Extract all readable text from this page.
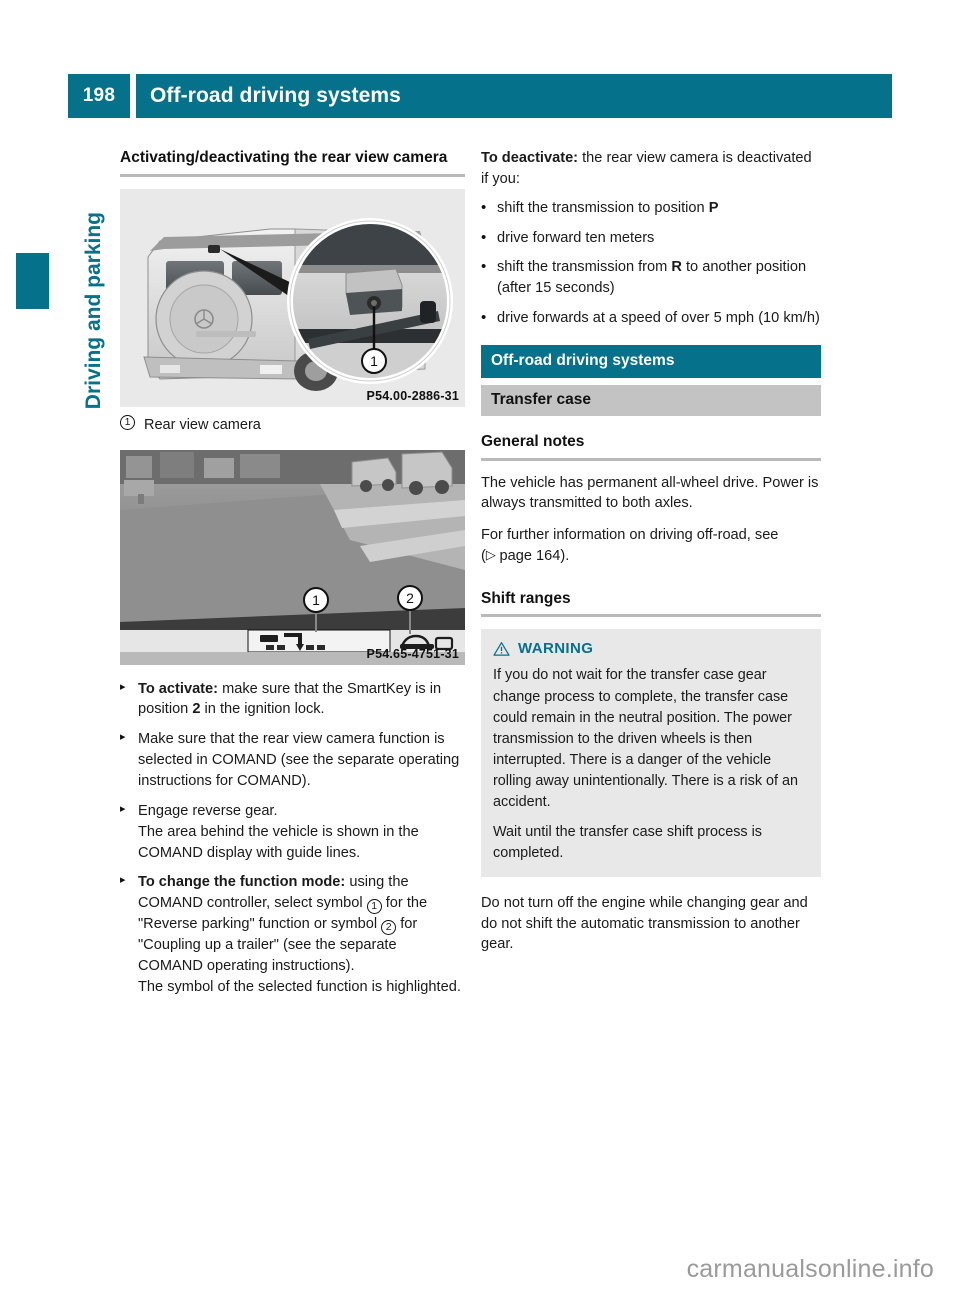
198	Off-road driving systems
Driving and parking
Activating/deactivating the rear view camera
1
P54.00-2886-31
1 Rear view camera
1	2
P54.65-4751-31
▸ To activate: make sure that the SmartKey is in position 2 in the ignition lock.
▸ Make sure that the rear view camera function is selected in COMAND (see the separate operating instructions for COMAND).
▸ Engage reverse gear.
The area behind the vehicle is shown in the COMAND display with guide lines.
▸ To change the function mode: using the COMAND controller, select symbol 1 for the "Reverse parking" function or symbol 2 for "Coupling up a trailer" (see the separate COMAND operating instructions).
The symbol of the selected function is highlighted.

To deactivate: the rear view camera is deactivated if you:

• shift the transmission to position P
• drive forward ten meters
• shift the transmission from R to another position (after 15 seconds)
• drive forwards at a speed of over 5 mph (10 km/h)
Off-road driving systems
Transfer case
General notes

The vehicle has permanent all-wheel drive. Power is always transmitted to both axles.

For further information on driving off-road, see (▷ page 164).

Shift ranges
WARNING

If you do not wait for the transfer case gear change process to complete, the transfer case could remain in the neutral position. The power transmission to the driven wheels is then interrupted. There is a danger of the vehicle rolling away unintentionally. There is a risk of an accident.

Wait until the transfer case shift process is completed.

Do not turn off the engine while changing gear and do not shift the automatic transmission to another gear.

carmanualsonline.info
